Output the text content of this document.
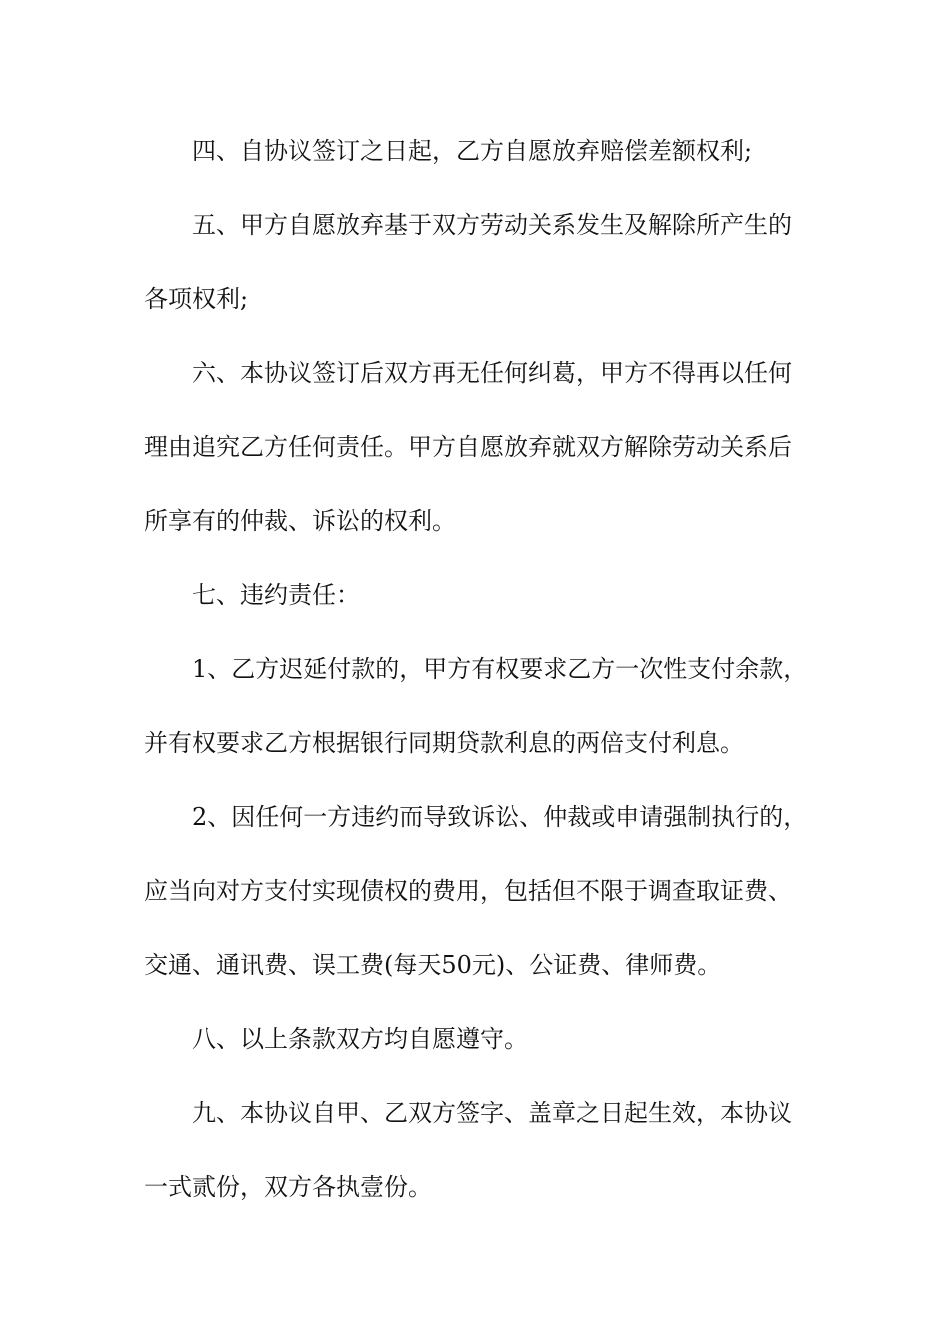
四、自协议签订之日起，乙方自愿放弃赔偿差额权利;
五、甲方自愿放弃基于双方劳动关系发生及解除所产生的
各项权利;
六、本协议签订后双方再无任何纠葛，甲方不得再以任何
理由追究乙方任何责任。甲方自愿放弃就双方解除劳动关系后
所享有的仲裁、诉讼的权利。
七、违约责任：
1、乙方迟延付款的，甲方有权要求乙方一次性支付余款，
并有权要求乙方根据银行同期贷款利息的两倍支付利息。
2、因任何一方违约而导致诉讼、仲裁或申请强制执行的，
应当向对方支付实现债权的费用，包括但不限于调查取证费、
交通、通讯费、误工费(每天50元)、公证费、律师费。
八、以上条款双方均自愿遵守。
九、本协议自甲、乙双方签字、盖章之日起生效，本协议
一式贰份，双方各执壹份。
